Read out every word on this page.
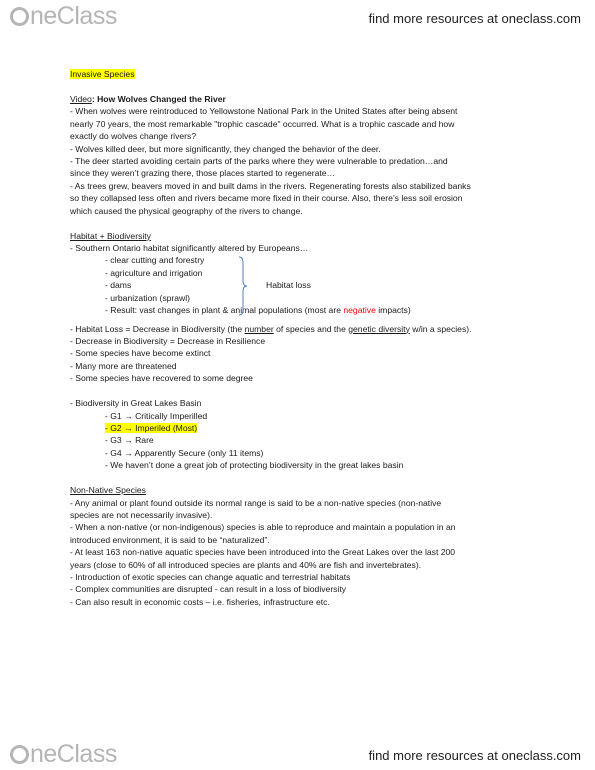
neClass	find more resources at oneclass.com
Invasive Species
Video: How Wolves Changed the River
- When wolves were reintroduced to Yellowstone National Park in the United States after being absent
nearly 70 years, the most remarkable "trophic cascade" occurred. What is a trophic cascade and how
exactly do wolves change rivers?
- Wolves killed deer, but more significantly, they changed the behavior of the deer.
- The deer started avoiding certain parts of the parks where they were vulnerable to predation…and
since they weren’t grazing there, those places started to regenerate…
- As trees grew, beavers moved in and built dams in the rivers. Regenerating forests also stabilized banks
so they collapsed less often and rivers became more fixed in their course. Also, there’s less soil erosion
which caused the physical geography of the rivers to change.
Habitat + Biodiversity
- Southern Ontario habitat significantly altered by Europeans…
- clear cutting and forestry
- agriculture and irrigation
- dams
- urbanization (sprawl)
Habitat loss
- Result: vast changes in plant & animal populations (most are negative impacts)
- Habitat Loss = Decrease in Biodiversity (the number of species and the genetic diversity w/in a species).
- Decrease in Biodiversity = Decrease in Resilience
- Some species have become extinct
- Many more are threatened
- Some species have recovered to some degree
- Biodiversity in Great Lakes Basin
- G1 → Critically Imperilled
- G2 → Imperiled (Most)
- G3 → Rare
- G4 → Apparently Secure (only 11 items)
- We haven’t done a great job of protecting biodiversity in the great lakes basin
Non-Native Species
- Any animal or plant found outside its normal range is said to be a non-native species (non-native
species are not necessarily invasive).
- When a non-native (or non-indigenous) species is able to reproduce and maintain a population in an
introduced environment, it is said to be “naturalized”.
- At least 163 non-native aquatic species have been introduced into the Great Lakes over the last 200
years (close to 60% of all introduced species are plants and 40% are fish and invertebrates).
- Introduction of exotic species can change aquatic and terrestrial habitats
- Complex communities are disrupted - can result in a loss of biodiversity
- Can also result in economic costs – i.e. fisheries, infrastructure etc.
neClass	find more resources at oneclass.com
